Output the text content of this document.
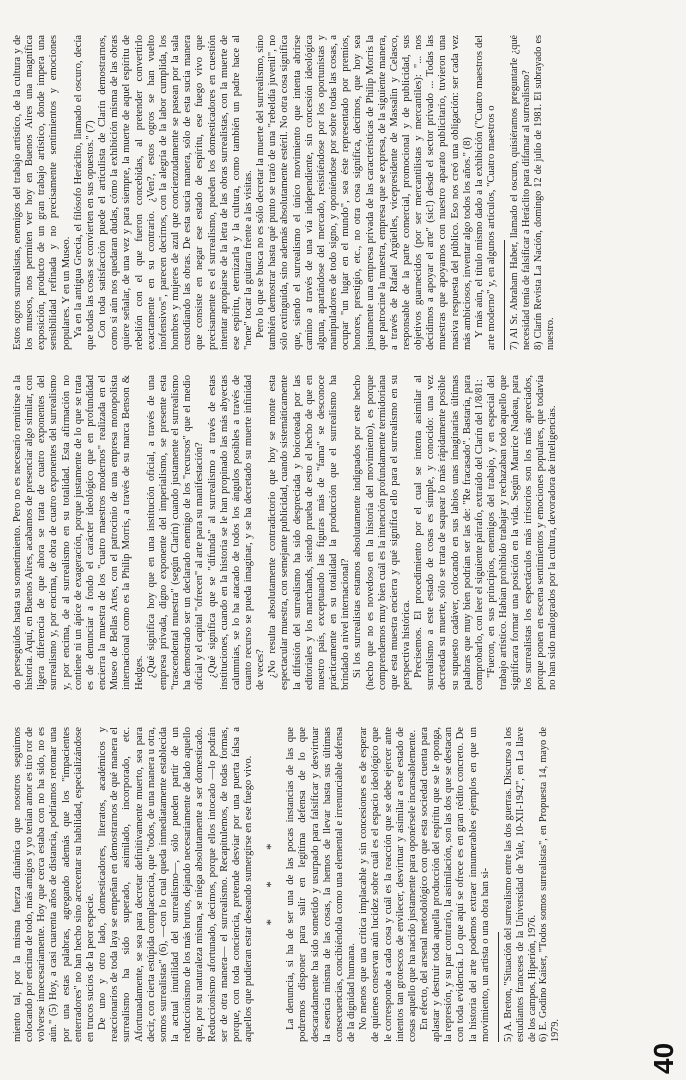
40

miento tal, por la misma fuerza dinámica que nosotros seguimos colocando por encima de todo, más amigos y yo tenían amor es tiro ror de volverse innecesariamente. Hoy que cerca estaba con no ha sido, no es aún." (5) Hoy, a casi cuarenta años de distancia, podríamos retomar una por una estas palabras, agregando además que los "impacientes enterradores" no han hecho sino acrecentar su habilidad, especializándose en trucos sucios de la peor especie. De uno y otro lado, domesticadores, literatos, académicos y reaccionarios de toda laya se empeñan en demostrarnos de qué manera el surrealismo ha sido superado, asimilado, incorporado, etc. Afortunadamente, se sea para decretar definitivamente muerto, sea para decir, con cierta estúpida complacencia, que "todos, de una manera u otra, somos surrealistas" (6), —con lo cual queda inmediatamente establecida la actual inutilidad del surrealismo—, sólo pueden partir de un reduccionismo de los más brutos, dejando necesariamente de lado aquello que, por su naturaleza misma, se niega absolutamente a ser domesticado. Reduccionismo afortunado, decimos, porque ellos intocado —lo podrán ser de otra manera— el surrealismo. Recapitulemos, de todas formas, porque, con toda conciencia, pretende desviar por una puerta falsa a aquellos que pudieran estar deseando sumergirse en ese fuego vivo. * * * La denuncia, si ha de ser una de las pocas instancias de las que podremos disponer para salir en legítima defensa de lo que descaradamente ha sido sometido y usurpado para falsificar y desvirtuar la esencia misma de las cosas, la hemos de llevar hasta sus últimas consecuencias, concibiéndola como una elemental e irrenunciable defensa de la dignidad humana. No menos que una crítica implacable y sin concesiones es de esperar de quienes conservan aún lucidez sobre cuál es el espacio ideológico que le corresponde a cada cosa y cuál es la reacción que se debe ejercer ante intentos tan grotescos de envilecer, desvirtuar y asimilar a este estado de cosas aquello que ha nacido justamente para oponérsele incansablemente. En efecto, del arsenal metodológico con que esta sociedad cuenta para aplastar y destruir toda aquella producción del espíritu que se le oponga, la represión, y su par contrario, la asimilación, son las dos que se destacan con toda evidencia. Lo que aquí se ofrece es en gran rédito concreto. De la historia del arte podemos extraer innumerables ejemplos en que un movimiento, un artista o una obra han si- 5) A. Breton, "Situación del surrealismo entre las dos guerras. Discurso a los estudiantes franceses de la Universidad de Yale, 10-XII-1942", en La llave de los campos, Hiperión, 1976. 6) E. Godino Kaiser, "Todos somos surrealistas", en Propuesta 14, mayo de 1979.

do perseguidos hasta su sometimiento. Pero no es necesario remitirse a la historia. Aquí, en Buenos Aires, acabamos de presenciar algo similar, con ligera diferencia de que ahora se trata de cuatro exponentes del surrealismo y, por encima, de obra de cuatro exponentes del surrealismo y, por encima, de al surrealismo en su totalidad. Esta afirmación no contiene ni un ápice de exageración, porque justamente de lo que se trata es de denunciar a fondo el carácter ideológico que en profundidad encierra la muestra de los "cuatro maestros modernos" realizada en el Museo de Bellas Artes, con el patrocinio de una empresa monopolista internacional como es la Philip Morris, a través de su marca Benson & Hedges. ¿Qué significa hoy que en una institución oficial, a través de una empresa privada, digno exponente del imperialismo, se presente esta "trascendental muestra" (según Clarín) cuando justamente el surrealismo ha demostrado ser un declarado enemigo de los "recursos" que el medio oficial y el capital "ofrecen" al arte para su manifestación? ¿Qué significa que se "difunda" al surrealismo a través de estas instituciones, cuando en la historia se le han propinado las más abyectas calumnias, se lo ha atacado de todos los ángulos posibles a través de cuanto recurso se pueda imaginar, y se ha decretado su muerte infinidad de veces? ¿No resulta absolutamente contradictorio que hoy se monte esta espectacular muestra, con semejante publicidad, cuando sistemáticamente la difusión del surrealismo ha sido despreciada y boicoteada por las editoriales y los marchands, siendo prueba de esto el hecho de que en nuestro país, exceptuando las figuras más de "fama" se desconoce prácticamente en su totalidad la producción que el surrealismo ha brindado a nivel internacional? Si los surrealistas estamos absolutamente indignados por este hecho (hecho que no es novedoso en la historia del movimiento), es porque comprendemos muy bien cuál es la intención profundamente termidoriana que esta muestra encierra y qué significa ello para el surrealismo en su perspectiva histórica. Precisemos. El procedimiento por el cual se intenta asimilar al surrealismo a este estado de cosas es simple, y conocido: una vez decretada su muerte, sólo se trata de saquear lo más rápidamente posible su supuesto cadáver, colocando en sus labios unas imaginarias últimas palabras que muy bien podrían ser las de: "Re fracasado". Bastaría, para comprobarlo, con leer el siguiente párrafo, extraído del Clarín del 1/8/81: "Fueron, en sus principios, enemigos del trabajo, y en especial del trabajo artístico. Habían prohibido trabajar y rechazaban todo aquello que significara formar una posición en la vida. Según Maurice Nadeau, para los surrealistas los espectáculos más irrisorios son los más apreciados, porque ponen en escena sentimientos y emociones populares, que todavía no han sido malogrados por la cultura, devoradora de inteligencias.

Estos ogros surrealistas, enemigos del trabajo artístico, de la cultura y de los museos, nos permiten ver hoy en Buenos Aires una magnífica exposición, producto de un gran trabajo artístico, donde impera una sensibilidad refinada y no precisamente sentimientos y emociones populares. Y en un Museo. Ya en la antigua Grecia, el filósofo Heráclito, llamado el oscuro, decía que todas las cosas se convierten en sus opuestos." (7) Con toda satisfacción puede el articulista de Clarín demostrarnos, como si aún nos quedaran dudas, cómo la exhibición misma de las obras quiere señalar, de una vez y para siempre, la muerte de aquel espíritu de rebelión con el que fueron concebidas, al pretender convertirlo exactamente en su contrario. ¿Ven?, estos ogros se han vuelto inofensivos", parecen decirnos, con la alegría de la labor cumplida, los hombres y mujeres de azul que concienzudamente se pasean por la sala custodiando las obras. De esta sucia manera, sólo de esta sucia manera que consiste en negar ese estado de espíritu, ese fuego vivo que precisamente es el surrealismo, pueden los domesticadores en cuestión intentar apropiarse de la letra de las obras surrealistas, con la muerte de ese espíritu, eternizarla y la cultura, como también un padre hace al "nene" tocar la guitarra frente a las visitas. Pero lo que se busca no es sólo decretar la muerte del surrealismo, sino también demostrar hasta qué punto se trató de una "rebeldía juvenil", no sólo extinguida, sino además absolutamente estéril. No otra cosa significa que, siendo el surrealismo el único movimiento que intenta abrirse camino a través de una vía independiente, sin concesión ideológica alguna, apartándose del mercado, resistiéndose por los oportunistas y manipuladores de todo signo, y oponiéndose por sobre todas las cosas, a ocupar "un lugar en el mundo", sea éste representado por premios, honores, prestigio, etc., no otra cosa significa, decimos, que hoy sea justamente una empresa privada de las características de Philip Morris la que patrocine la muestra, empresa que se expresa, de la siguiente manera, a través de Rafael Argüelles, vicepresidente de Massalin y Celasco, responsable de la parte comercial, promocional y de publicidad, sus objetivos guarnecidos (por ser mercantilistas y mercantiles): "... nos decidimos a apoyar el arte" (sic!) desde el sector privado ... Todas las muestras que apoyamos con nuestro aparato publicitario, tuvieron una masiva respuesta del público. Eso nos creó una obligación: ser cada vez más ambiciosos, inventar algo todos los años." (8) Y más aún, el título mismo dado a la exhibición ("Cuatro maestros del arte moderno" y, en algunos artículos, "Cuatro maestros o 7) Al Sr. Abraham Haber, llamado el oscuro, quisiéramos preguntarle ¿qué necesidad tenía de falsificar a Heráclito para difamar al surrealismo? 8) Clarín Revista La Nación, domingo 12 de julio de 1981. El subrayado es nuestro.
